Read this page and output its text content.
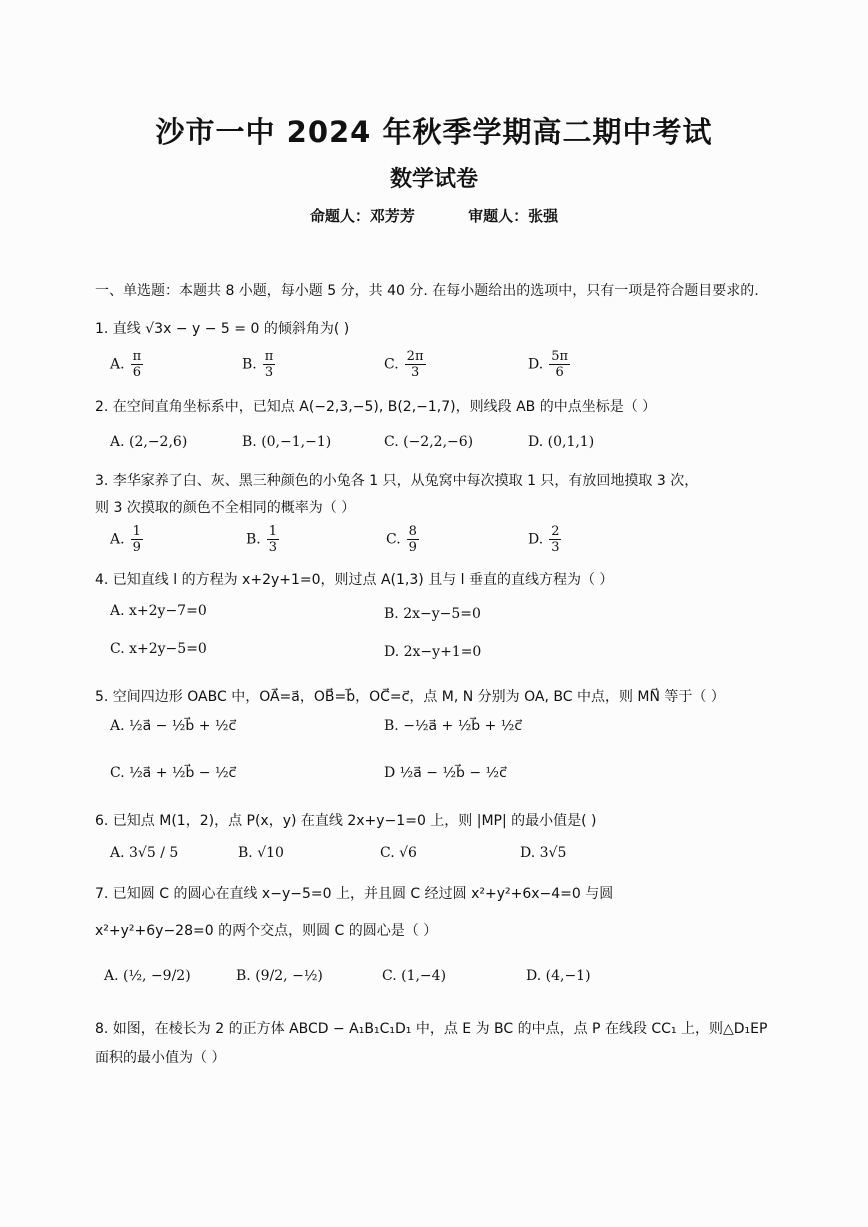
沙市一中 2024 年秋季学期高二期中考试
数学试卷
命题人：邓芳芳	审题人：张强
一、单选题：本题共 8 小题，每小题 5 分，共 40 分. 在每小题给出的选项中，只有一项是符合题目要求的.
1. 直线 √3x − y − 5 = 0 的倾斜角为( )
A. $\frac{\pi}{6}$	B. $\frac{\pi}{3}$	C. $\frac{2\pi}{3}$	D. $\frac{5\pi}{6}$
2. 在空间直角坐标系中，已知点 A(−2,3,−5), B(2,−1,7)，则线段 AB 的中点坐标是（ ）
A. (2,−2,6)	B. (0,−1,−1)	C. (−2,2,−6)	D. (0,1,1)
3. 李华家养了白、灰、黑三种颜色的小兔各 1 只，从兔窝中每次摸取 1 只，有放回地摸取 3 次，
则 3 次摸取的颜色不全相同的概率为（ ）
A. $\frac{1}{9}$	B. $\frac{1}{3}$	C. $\frac{8}{9}$	D. $\frac{2}{3}$
4. 已知直线 l 的方程为 x+2y+1=0，则过点 A(1,3) 且与 l 垂直的直线方程为（ ）
A. x+2y−7=0	B. 2x−y−5=0
C. x+2y−5=0	D. 2x−y+1=0
5. 空间四边形 OABC 中，OA⃗=a⃗，OB⃗=b⃗，OC⃗=c⃗，点 M, N 分别为 OA, BC 中点，则 MN⃗ 等于（ ）
A. ½a⃗ − ½b⃗ + ½c⃗	B. −½a⃗ + ½b⃗ + ½c⃗
C. ½a⃗ + ½b⃗ − ½c⃗	D ½a⃗ − ½b⃗ − ½c⃗
6. 已知点 M(1，2)，点 P(x，y) 在直线 2x+y−1=0 上，则 |MP| 的最小值是( )
A. 3√5 / 5	B. √10	C. √6	D. 3√5
7. 已知圆 C 的圆心在直线 x−y−5=0 上，并且圆 C 经过圆 x²+y²+6x−4=0 与圆
x²+y²+6y−28=0 的两个交点，则圆 C 的圆心是（ ）
A. (½, −9/2)	B. (9/2, −½)	C. (1,−4)	D. (4,−1)
8. 如图，在棱长为 2 的正方体 ABCD − A₁B₁C₁D₁ 中，点 E 为 BC 的中点，点 P 在线段 CC₁ 上，则△D₁EP
面积的最小值为（ ）
